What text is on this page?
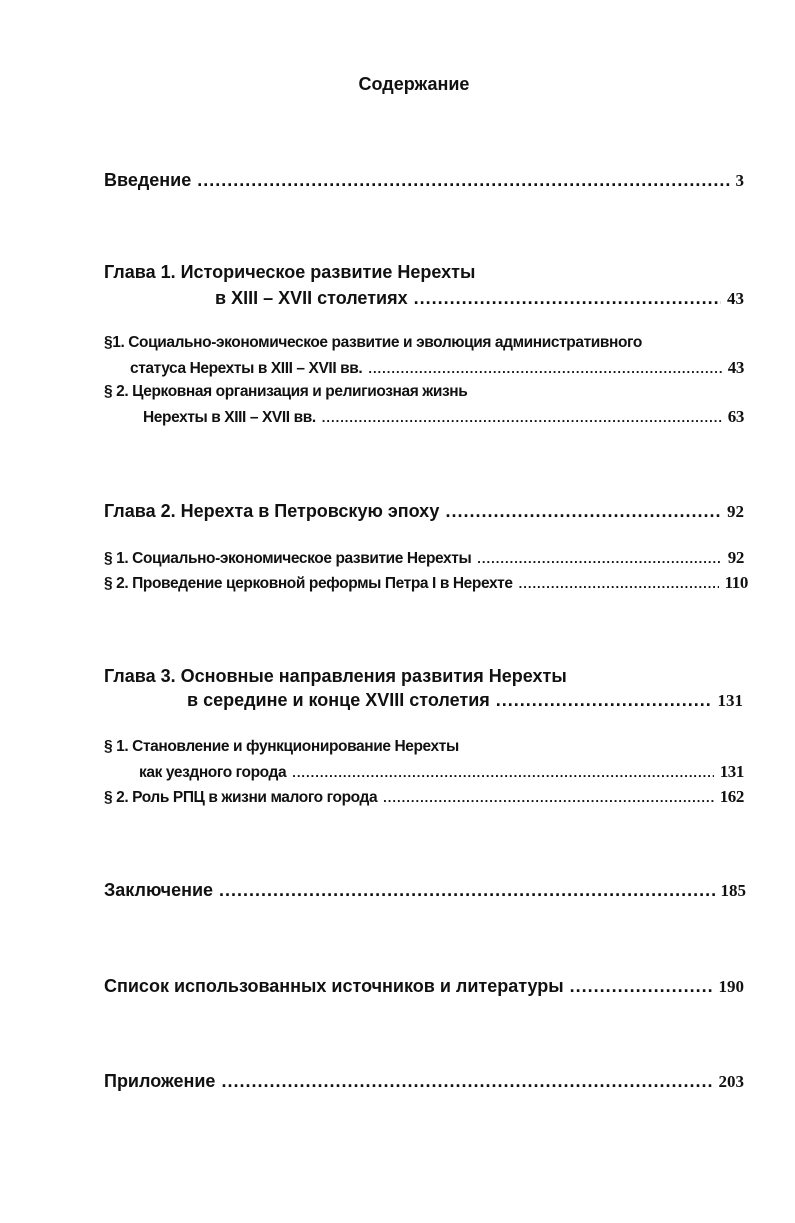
Содержание
Введение .....	3
Глава 1. Историческое развитие Нерехты
в XIII – XVII столетиях .....	43
§1. Социально-экономическое развитие и эволюция административного
статуса Нерехты в XIII – XVII вв. .....	43
§ 2. Церковная организация и религиозная жизнь
Нерехты в XIII – XVII вв. .....	63
Глава 2. Нерехта в Петровскую эпоху .....	92
§ 1. Социально-экономическое развитие Нерехты .....	92
§ 2. Проведение церковной реформы Петра I в Нерехте .....	110
Глава 3. Основные направления развития Нерехты
в середине и конце XVIII столетия .....	131
§ 1. Становление и функционирование Нерехты
как уездного города .....	131
§ 2. Роль РПЦ в жизни малого города .....	162
Заключение .....	185
Список использованных источников и литературы .....	190
Приложение .....	203
